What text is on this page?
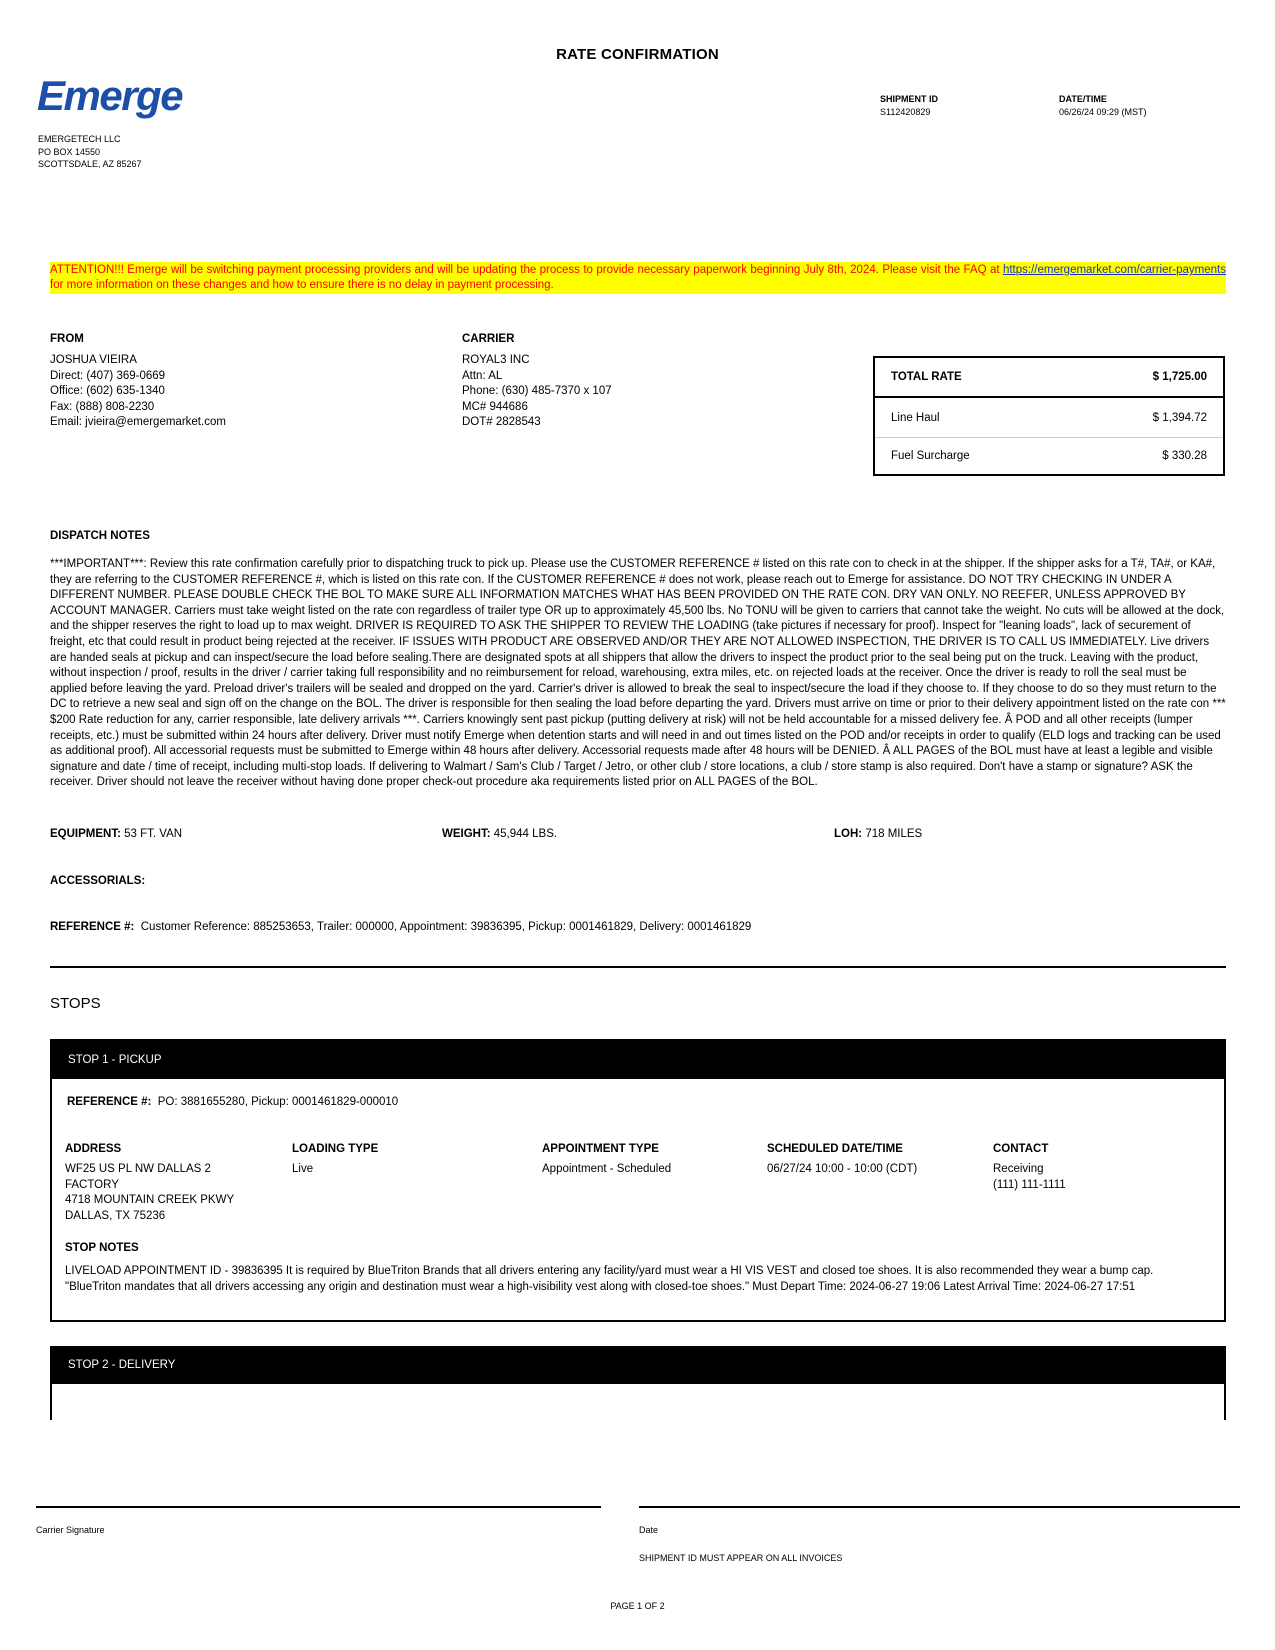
RATE CONFIRMATION
Emerge
EMERGETECH LLC
PO BOX 14550
SCOTTSDALE, AZ 85267
SHIPMENT ID
S112420829
DATE/TIME
06/26/24 09:29 (MST)
ATTENTION!!! Emerge will be switching payment processing providers and will be updating the process to provide necessary paperwork beginning July 8th, 2024. Please visit the FAQ at https://emergemarket.com/carrier-payments for more information on these changes and how to ensure there is no delay in payment processing.
FROM
JOSHUA VIEIRA
Direct: (407) 369-0669
Office: (602) 635-1340
Fax: (888) 808-2230
Email: jvieira@emergemarket.com
CARRIER
ROYAL3 INC
Attn: AL
Phone: (630) 485-7370 x 107
MC# 944686
DOT# 2828543
TOTAL RATE	$ 1,725.00
Line Haul	$ 1,394.72
Fuel Surcharge	$ 330.28
DISPATCH NOTES
***IMPORTANT***: Review this rate confirmation carefully prior to dispatching truck to pick up. Please use the CUSTOMER REFERENCE # listed on this rate con to check in at the shipper. If the shipper asks for a T#, TA#, or KA#, they are referring to the CUSTOMER REFERENCE #, which is listed on this rate con. If the CUSTOMER REFERENCE # does not work, please reach out to Emerge for assistance. DO NOT TRY CHECKING IN UNDER A DIFFERENT NUMBER. PLEASE DOUBLE CHECK THE BOL TO MAKE SURE ALL INFORMATION MATCHES WHAT HAS BEEN PROVIDED ON THE RATE CON. DRY VAN ONLY. NO REEFER, UNLESS APPROVED BY ACCOUNT MANAGER. Carriers must take weight listed on the rate con regardless of trailer type OR up to approximately 45,500 lbs. No TONU will be given to carriers that cannot take the weight. No cuts will be allowed at the dock, and the shipper reserves the right to load up to max weight. DRIVER IS REQUIRED TO ASK THE SHIPPER TO REVIEW THE LOADING (take pictures if necessary for proof). Inspect for "leaning loads", lack of securement of freight, etc that could result in product being rejected at the receiver. IF ISSUES WITH PRODUCT ARE OBSERVED AND/OR THEY ARE NOT ALLOWED INSPECTION, THE DRIVER IS TO CALL US IMMEDIATELY. Live drivers are handed seals at pickup and can inspect/secure the load before sealing.There are designated spots at all shippers that allow the drivers to inspect the product prior to the seal being put on the truck. Leaving with the product, without inspection / proof, results in the driver / carrier taking full responsibility and no reimbursement for reload, warehousing, extra miles, etc. on rejected loads at the receiver. Once the driver is ready to roll the seal must be applied before leaving the yard. Preload driver's trailers will be sealed and dropped on the yard. Carrier's driver is allowed to break the seal to inspect/secure the load if they choose to. If they choose to do so they must return to the DC to retrieve a new seal and sign off on the change on the BOL. The driver is responsible for then sealing the load before departing the yard. Drivers must arrive on time or prior to their delivery appointment listed on the rate con *** $200 Rate reduction for any, carrier responsible, late delivery arrivals ***. Carriers knowingly sent past pickup (putting delivery at risk) will not be held accountable for a missed delivery fee. Â POD and all other receipts (lumper receipts, etc.) must be submitted within 24 hours after delivery. Driver must notify Emerge when detention starts and will need in and out times listed on the POD and/or receipts in order to qualify (ELD logs and tracking can be used as additional proof). All accessorial requests must be submitted to Emerge within 48 hours after delivery. Accessorial requests made after 48 hours will be DENIED. Â ALL PAGES of the BOL must have at least a legible and visible signature and date / time of receipt, including multi-stop loads. If delivering to Walmart / Sam's Club / Target / Jetro, or other club / store locations, a club / store stamp is also required. Don't have a stamp or signature? ASK the receiver. Driver should not leave the receiver without having done proper check-out procedure aka requirements listed prior on ALL PAGES of the BOL.
EQUIPMENT: 53 FT. VAN	WEIGHT: 45,944 LBS.	LOH: 718 MILES
ACCESSORIALS:
REFERENCE #: Customer Reference: 885253653, Trailer: 000000, Appointment: 39836395, Pickup: 0001461829, Delivery: 0001461829
STOPS
STOP 1 - PICKUP
REFERENCE #: PO: 3881655280, Pickup: 0001461829-000010
ADDRESS
WF25 US PL NW DALLAS 2
FACTORY
4718 MOUNTAIN CREEK PKWY
DALLAS, TX 75236
LOADING TYPE
Live
APPOINTMENT TYPE
Appointment - Scheduled
SCHEDULED DATE/TIME
06/27/24 10:00 - 10:00 (CDT)
CONTACT
Receiving
(111) 111-1111
STOP NOTES
LIVELOAD APPOINTMENT ID - 39836395 It is required by BlueTriton Brands that all drivers entering any facility/yard must wear a HI VIS VEST and closed toe shoes. It is also recommended they wear a bump cap. "BlueTriton mandates that all drivers accessing any origin and destination must wear a high-visibility vest along with closed-toe shoes." Must Depart Time: 2024-06-27 19:06 Latest Arrival Time: 2024-06-27 17:51
STOP 2 - DELIVERY
Carrier Signature	Date
SHIPMENT ID MUST APPEAR ON ALL INVOICES
PAGE 1 OF 2
